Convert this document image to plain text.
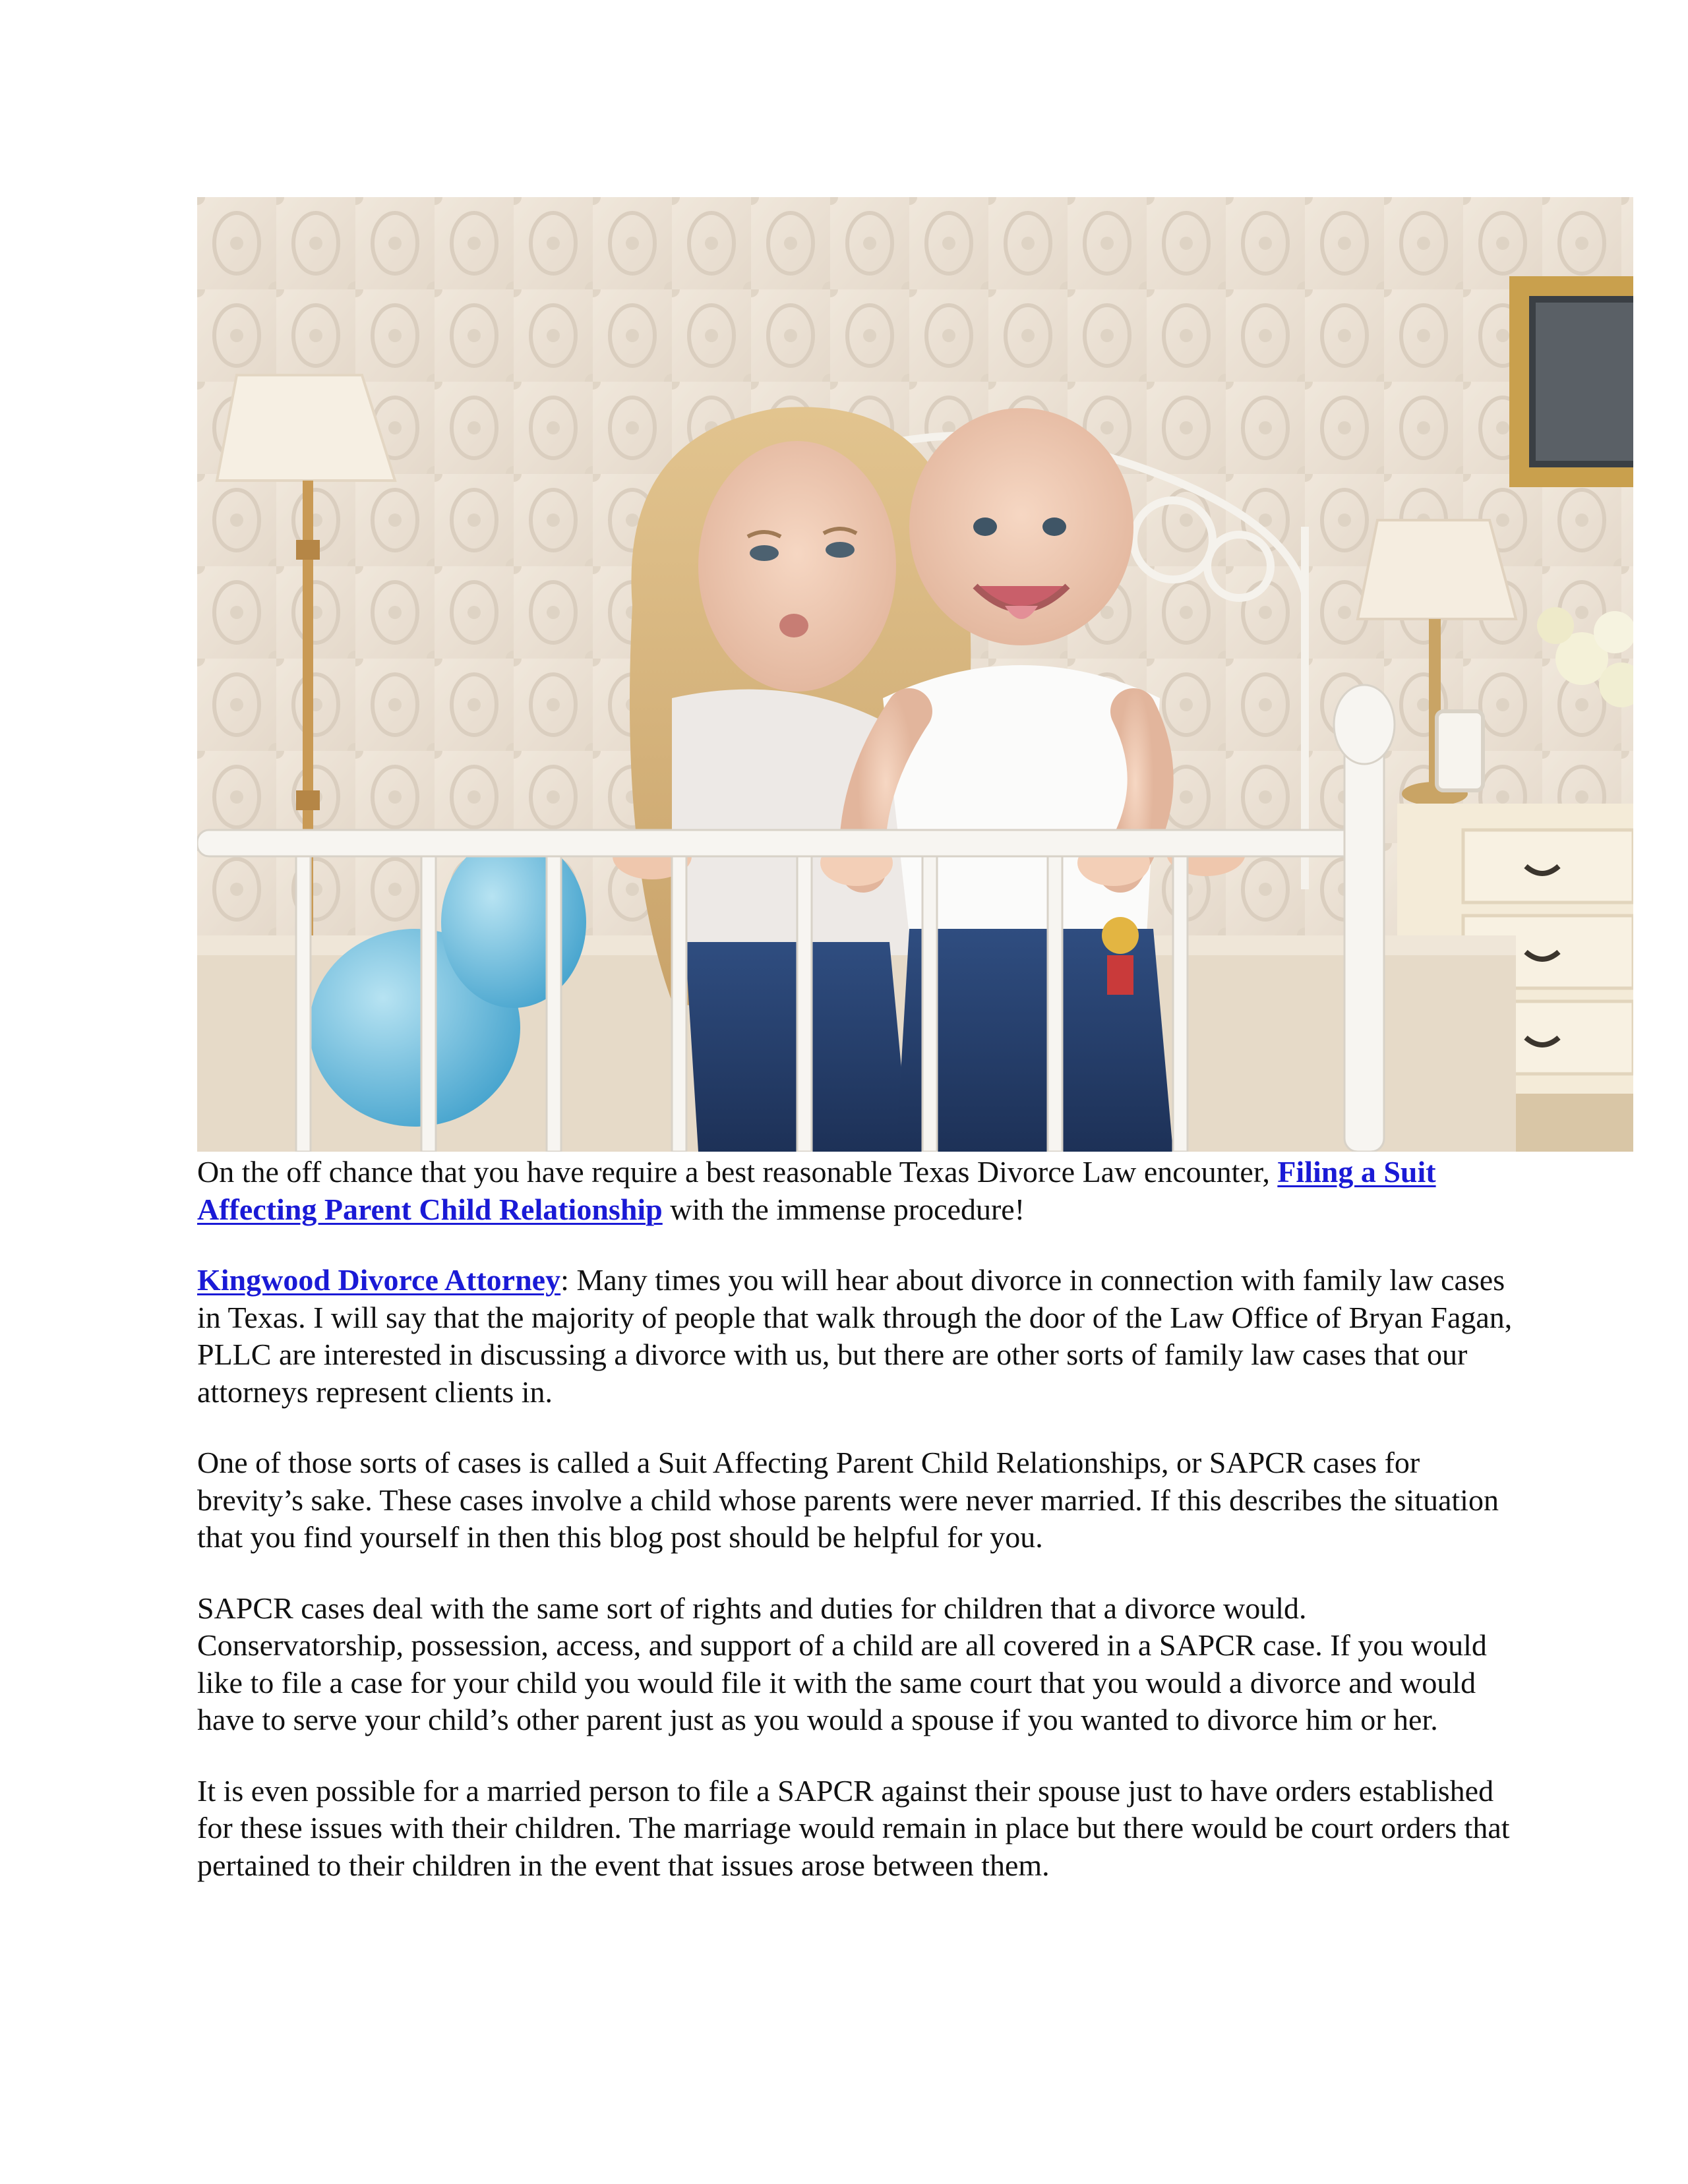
On the off chance that you have require a best reasonable Texas Divorce Law encounter, Filing a Suit Affecting Parent Child Relationship with the immense procedure!

Kingwood Divorce Attorney: Many times you will hear about divorce in connection with family law cases in Texas. I will say that the majority of people that walk through the door of the Law Office of Bryan Fagan, PLLC are interested in discussing a divorce with us, but there are other sorts of family law cases that our attorneys represent clients in.

One of those sorts of cases is called a Suit Affecting Parent Child Relationships, or SAPCR cases for brevity’s sake. These cases involve a child whose parents were never married. If this describes the situation that you find yourself in then this blog post should be helpful for you.

SAPCR cases deal with the same sort of rights and duties for children that a divorce would. Conservatorship, possession, access, and support of a child are all covered in a SAPCR case. If you would like to file a case for your child you would file it with the same court that you would a divorce and would have to serve your child’s other parent just as you would a spouse if you wanted to divorce him or her.

It is even possible for a married person to file a SAPCR against their spouse just to have orders established for these issues with their children. The marriage would remain in place but there would be court orders that pertained to their children in the event that issues arose between them.
